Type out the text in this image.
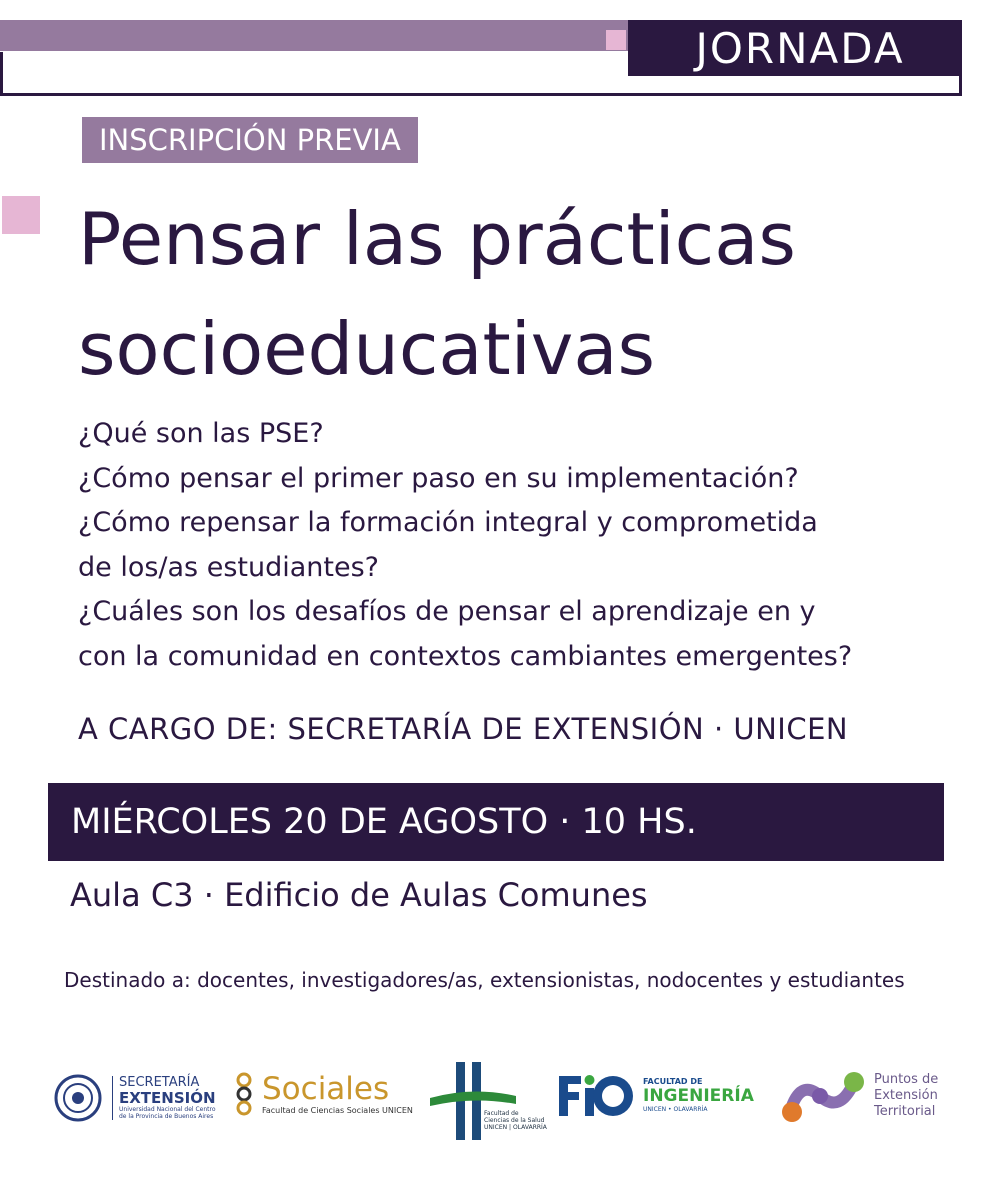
JORNADA
INSCRIPCIÓN PREVIA
Pensar las prácticas
socioeducativas
¿Qué son las PSE?
¿Cómo pensar el primer paso en su implementación?
¿Cómo repensar la formación integral y comprometida
de los/as estudiantes?
¿Cuáles son los desafíos de pensar el aprendizaje en y
con la comunidad en contextos cambiantes emergentes?
A CARGO DE: SECRETARÍA DE EXTENSIÓN · UNICEN
MIÉRCOLES 20 DE AGOSTO · 10 HS.
Aula C3 · Edificio de Aulas Comunes
Destinado a: docentes, investigadores/as, extensionistas, nodocentes y estudiantes
SECRETARÍA
EXTENSIÓN
Universidad Nacional del Centro
de la Provincia de Buenos Aires
Sociales
Facultad de Ciencias Sociales UNICEN	Facultad de
Ciencias de la Salud
UNICEN | OLAVARRÍA
FACULTAD DE
INGENIERÍA
UNICEN • OLAVARRÍA
Puntos de
Extensión
Territorial
